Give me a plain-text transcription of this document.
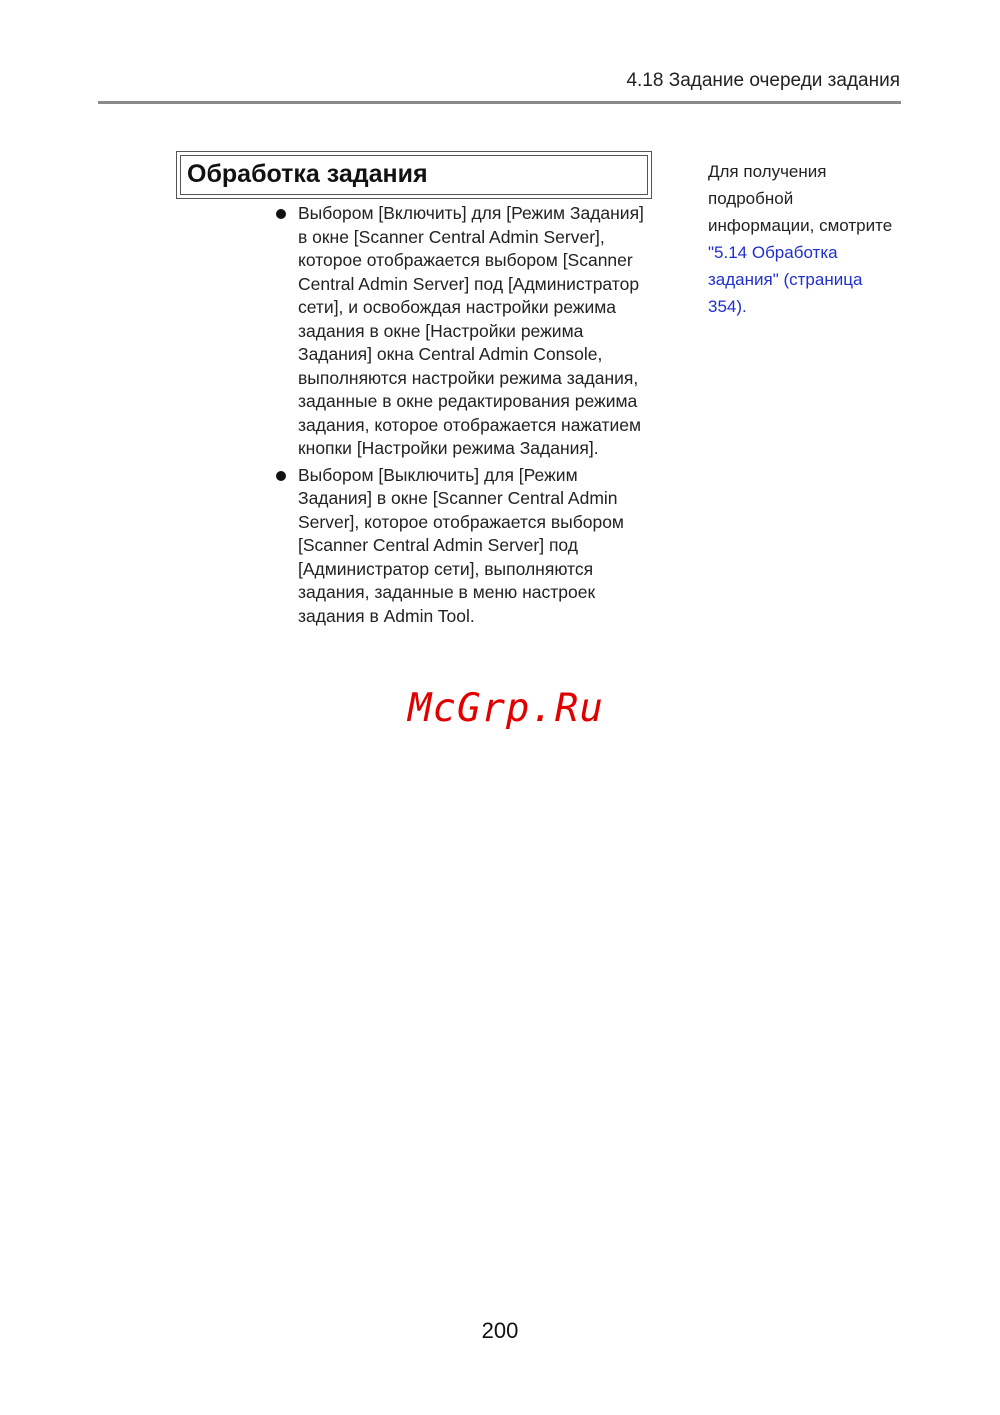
4.18 Задание очереди задания
Обработка задания
Выбором [Включить] для [Режим Задания] в окне [Scanner Central Admin Server], которое отображается выбором [Scanner Central Admin Server] под [Администратор сети], и освобождая настройки режима задания в окне [Настройки режима Задания] окна Central Admin Console, выполняются настройки режима задания, заданные в окне редактирования режима задания, которое отображается нажатием кнопки [Настройки режима Задания].
Выбором [Выключить] для [Режим Задания] в окне [Scanner Central Admin Server], которое отображается выбором [Scanner Central Admin Server] под [Администратор сети], выполняются задания, заданные в меню настроек задания в Admin Tool.
Для получения подробной информации, смотрите "5.14 Обработка задания" (страница 354).
McGrp.Ru
200
